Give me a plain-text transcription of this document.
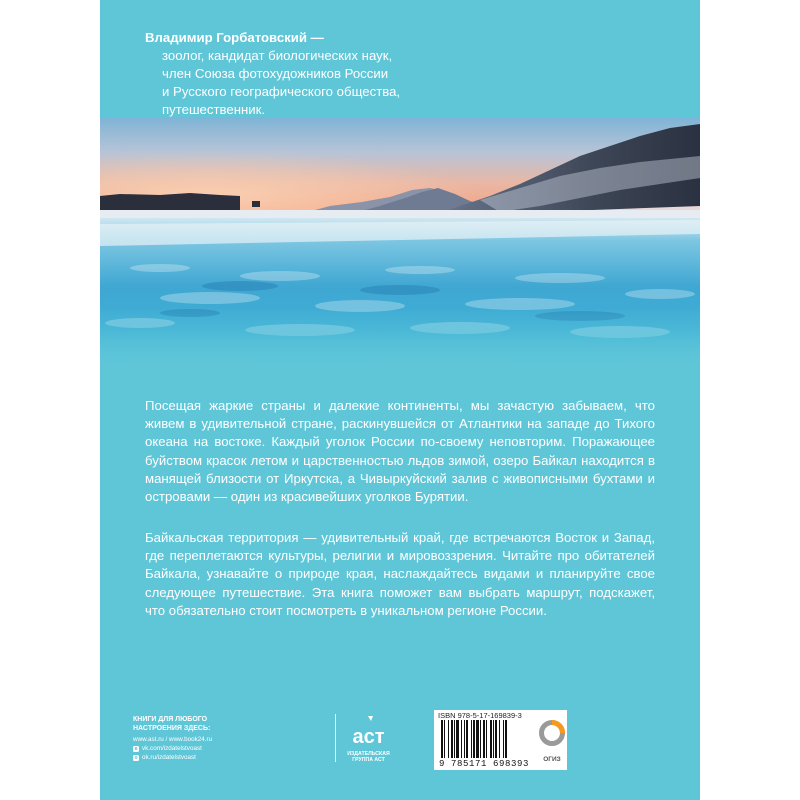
Владимир Горбатовский —
зоолог, кандидат биологических наук,
член Союза фотохудожников России
и Русского географического общества,
путешественник.

Посещая жаркие страны и далекие континенты, мы зачастую забываем, что живем в удивительной стране, раскинувшейся от Атлантики на западе до Тихого океана на востоке. Каждый уголок России по-своему неповторим. Поражающее буйством красок летом и царственностью льдов зимой, озеро Байкал находится в манящей близости от Иркутска, а Чивыркуйский залив с живописными бухтами и островами — один из красивейших уголков Бурятии.

Байкальская территория — удивительный край, где встречаются Восток и Запад, где переплетаются культуры, религии и мировоззрения. Читайте про обитателей Байкала, узнавайте о природе края, наслаждайтесь видами и планируйте свое следующее путешествие. Эта книга поможет вам выбрать маршрут, подскажет, что обязательно стоит посмотреть в уникальном регионе России.

КНИГИ ДЛЯ ЛЮБОГО
НАСТРОЕНИЯ ЗДЕСЬ:
www.ast.ru / www.book24.ru
в vk.com/izdatelstvoast
о ok.ru/izdatelstvoast
аст
ИЗДАТЕЛЬСКАЯ
ГРУППА АСТ
ISBN 978-5-17-169839-3
9 785171 698393	ОГИЗ
